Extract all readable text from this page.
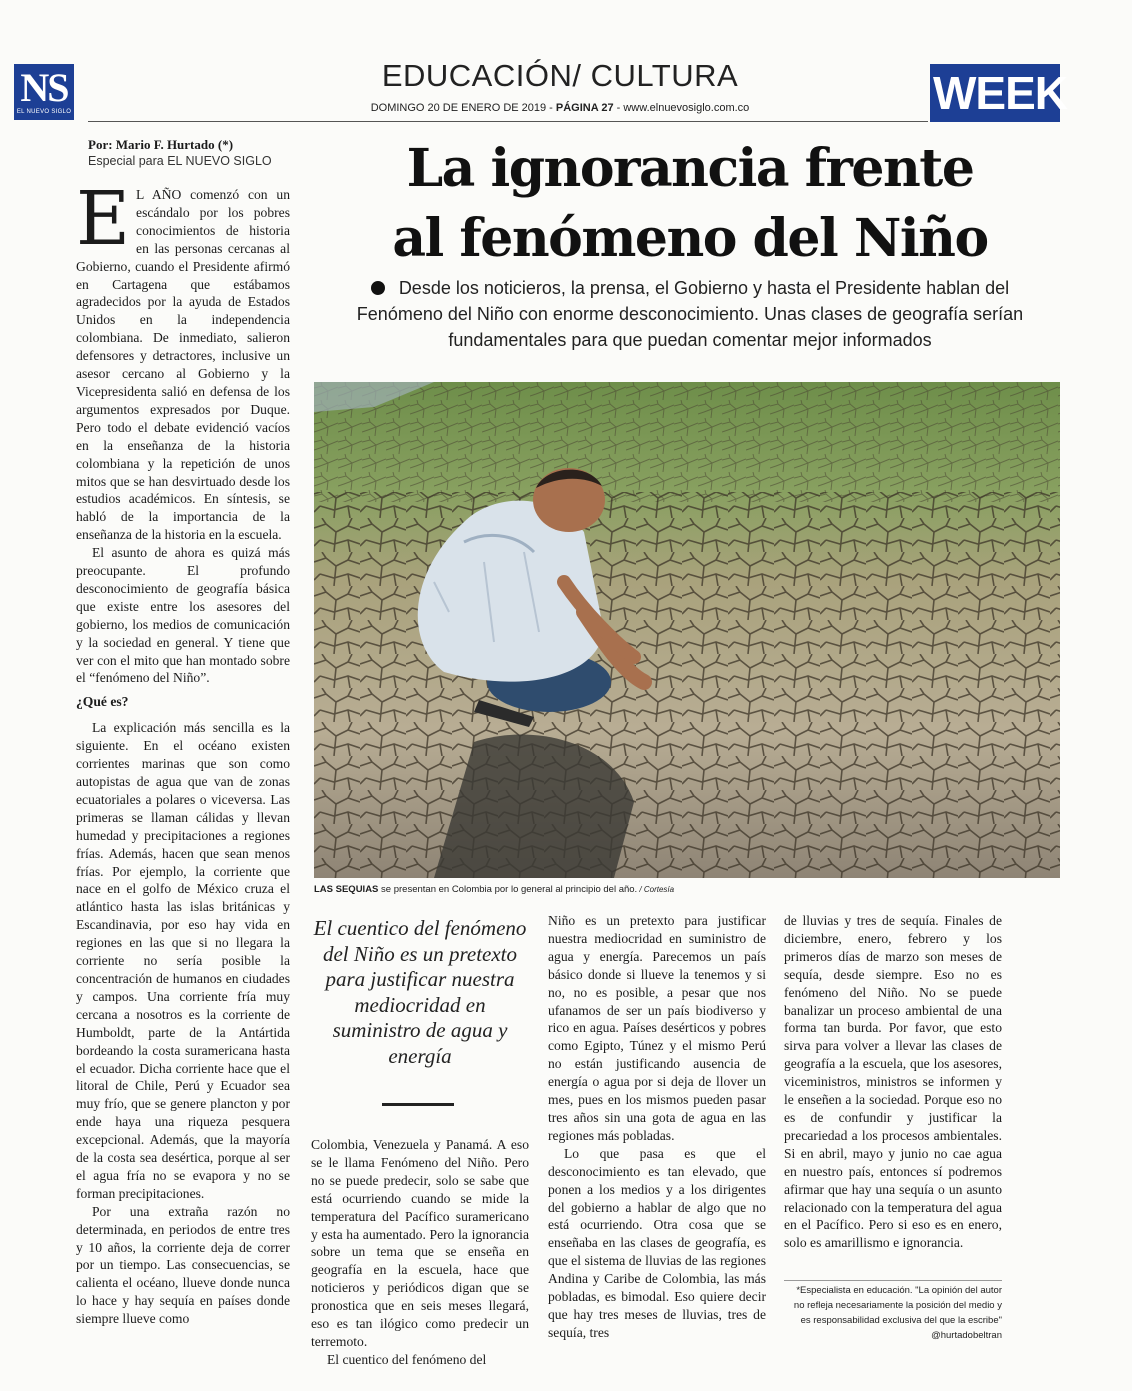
NS
EL NUEVO SIGLO
EDUCACIÓN/ CULTURA
DOMINGO 20 DE ENERO DE 2019 - PÁGINA 27 - www.elnuevosiglo.com.co	WEEK
Por: Mario F. Hurtado (*)
Especial para EL NUEVO SIGLO	La ignorancia frente
al fenómeno del Niño
Desde los noticieros, la prensa, el Gobierno y hasta el Presidente hablan del Fenómeno del Niño con enorme desconocimiento. Unas clases de geografía serían fundamentales para que puedan comentar mejor informados
LAS SEQUIAS se presentan en Colombia por lo general al principio del año. / Cortesía

E L AÑO comenzó con un escándalo por los pobres conocimientos de historia en las personas cercanas al Gobierno, cuando el Presidente afirmó en Cartagena que estábamos agradecidos por la ayuda de Estados Unidos en la independencia colombiana. De inmediato, salieron defensores y detractores, inclusive un asesor cercano al Gobierno y la Vicepresidenta salió en defensa de los argumentos expresados por Duque. Pero todo el debate evidenció vacíos en la enseñanza de la historia colombiana y la repetición de unos mitos que se han desvirtuado desde los estudios académicos. En síntesis, se habló de la importancia de la enseñanza de la historia en la escuela.

El asunto de ahora es quizá más preocupante. El profundo desconocimiento de geografía básica que existe entre los asesores del gobierno, los medios de comunicación y la sociedad en general. Y tiene que ver con el mito que han montado sobre el “fenómeno del Niño”.

¿Qué es?

La explicación más sencilla es la siguiente. En el océano existen corrientes marinas que son como autopistas de agua que van de zonas ecuatoriales a polares o viceversa. Las primeras se llaman cálidas y llevan humedad y precipitaciones a regiones frías. Además, hacen que sean menos frías. Por ejemplo, la corriente que nace en el golfo de México cruza el atlántico hasta las islas británicas y Escandinavia, por eso hay vida en regiones en las que si no llegara la corriente no sería posible la concentración de humanos en ciudades y campos. Una corriente fría muy cercana a nosotros es la corriente de Humboldt, parte de la Antártida bordeando la costa suramericana hasta el ecuador. Dicha corriente hace que el litoral de Chile, Perú y Ecuador sea muy frío, que se genere plancton y por ende haya una riqueza pesquera excepcional. Además, que la mayoría de la costa sea desértica, porque al ser el agua fría no se evapora y no se forman precipitaciones.

Por una extraña razón no determinada, en periodos de entre tres y 10 años, la corriente deja de correr por un tiempo. Las consecuencias, se calienta el océano, llueve donde nunca lo hace y hay sequía en países donde siempre llueve como

El cuentico del fenómeno del Niño es un pretexto para justificar nuestra mediocridad en suministro de agua y energía

Colombia, Venezuela y Panamá. A eso se le llama Fenómeno del Niño. Pero no se puede predecir, solo se sabe que está ocurriendo cuando se mide la temperatura del Pacífico suramericano y esta ha aumentado. Pero la ignorancia sobre un tema que se enseña en geografía en la escuela, hace que noticieros y periódicos digan que se pronostica que en seis meses llegará, eso es tan ilógico como predecir un terremoto.

El cuentico del fenómeno del

Niño es un pretexto para justificar nuestra mediocridad en suministro de agua y energía. Parecemos un país básico donde si llueve la tenemos y si no, no es posible, a pesar que nos ufanamos de ser un país biodiverso y rico en agua. Países desérticos y pobres como Egipto, Túnez y el mismo Perú no están justificando ausencia de energía o agua por si deja de llover un mes, pues en los mismos pueden pasar tres años sin una gota de agua en las regiones más pobladas.

Lo que pasa es que el desconocimiento es tan elevado, que ponen a los medios y a los dirigentes del gobierno a hablar de algo que no está ocurriendo. Otra cosa que se enseñaba en las clases de geografía, es que el sistema de lluvias de las regiones Andina y Caribe de Colombia, las más pobladas, es bimodal. Eso quiere decir que hay tres meses de lluvias, tres de sequía, tres

de lluvias y tres de sequía. Finales de diciembre, enero, febrero y los primeros días de marzo son meses de sequía, desde siempre. Eso no es fenómeno del Niño. No se puede banalizar un proceso ambiental de una forma tan burda. Por favor, que esto sirva para volver a llevar las clases de geografía a la escuela, que los asesores, viceministros, ministros se informen y le enseñen a la sociedad. Porque eso no es de confundir y justificar la precariedad a los procesos ambientales. Si en abril, mayo y junio no cae agua en nuestro país, entonces sí podremos afirmar que hay una sequía o un asunto relacionado con la temperatura del agua en el Pacífico. Pero si eso es en enero, solo es amarillismo e ignorancia.

*Especialista en educación. "La opinión del autor no refleja necesariamente la posición del medio y es responsabilidad exclusiva del que la escribe" @hurtadobeltran
